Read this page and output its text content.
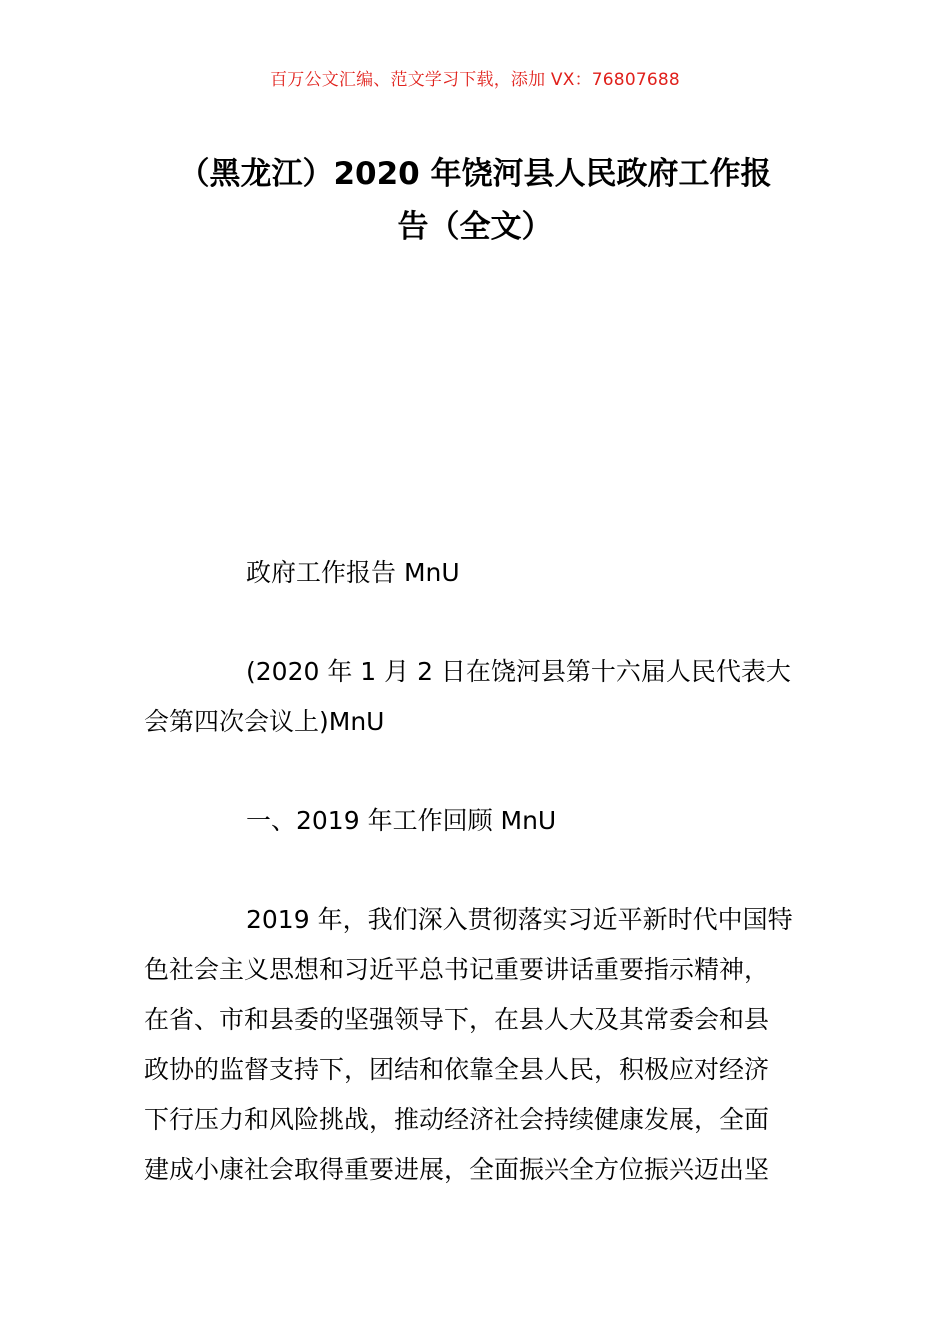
百万公文汇编、范文学习下载，添加 VX：76807688
（黑龙江）2020 年饶河县人民政府工作报
告（全文）
政府工作报告 MnU
(2020 年 1 月 2 日在饶河县第十六届人民代表大
会第四次会议上)MnU
一、2019 年工作回顾 MnU
2019 年，我们深入贯彻落实习近平新时代中国特
色社会主义思想和习近平总书记重要讲话重要指示精神，
在省、市和县委的坚强领导下，在县人大及其常委会和县
政协的监督支持下，团结和依靠全县人民，积极应对经济
下行压力和风险挑战，推动经济社会持续健康发展，全面
建成小康社会取得重要进展，全面振兴全方位振兴迈出坚
